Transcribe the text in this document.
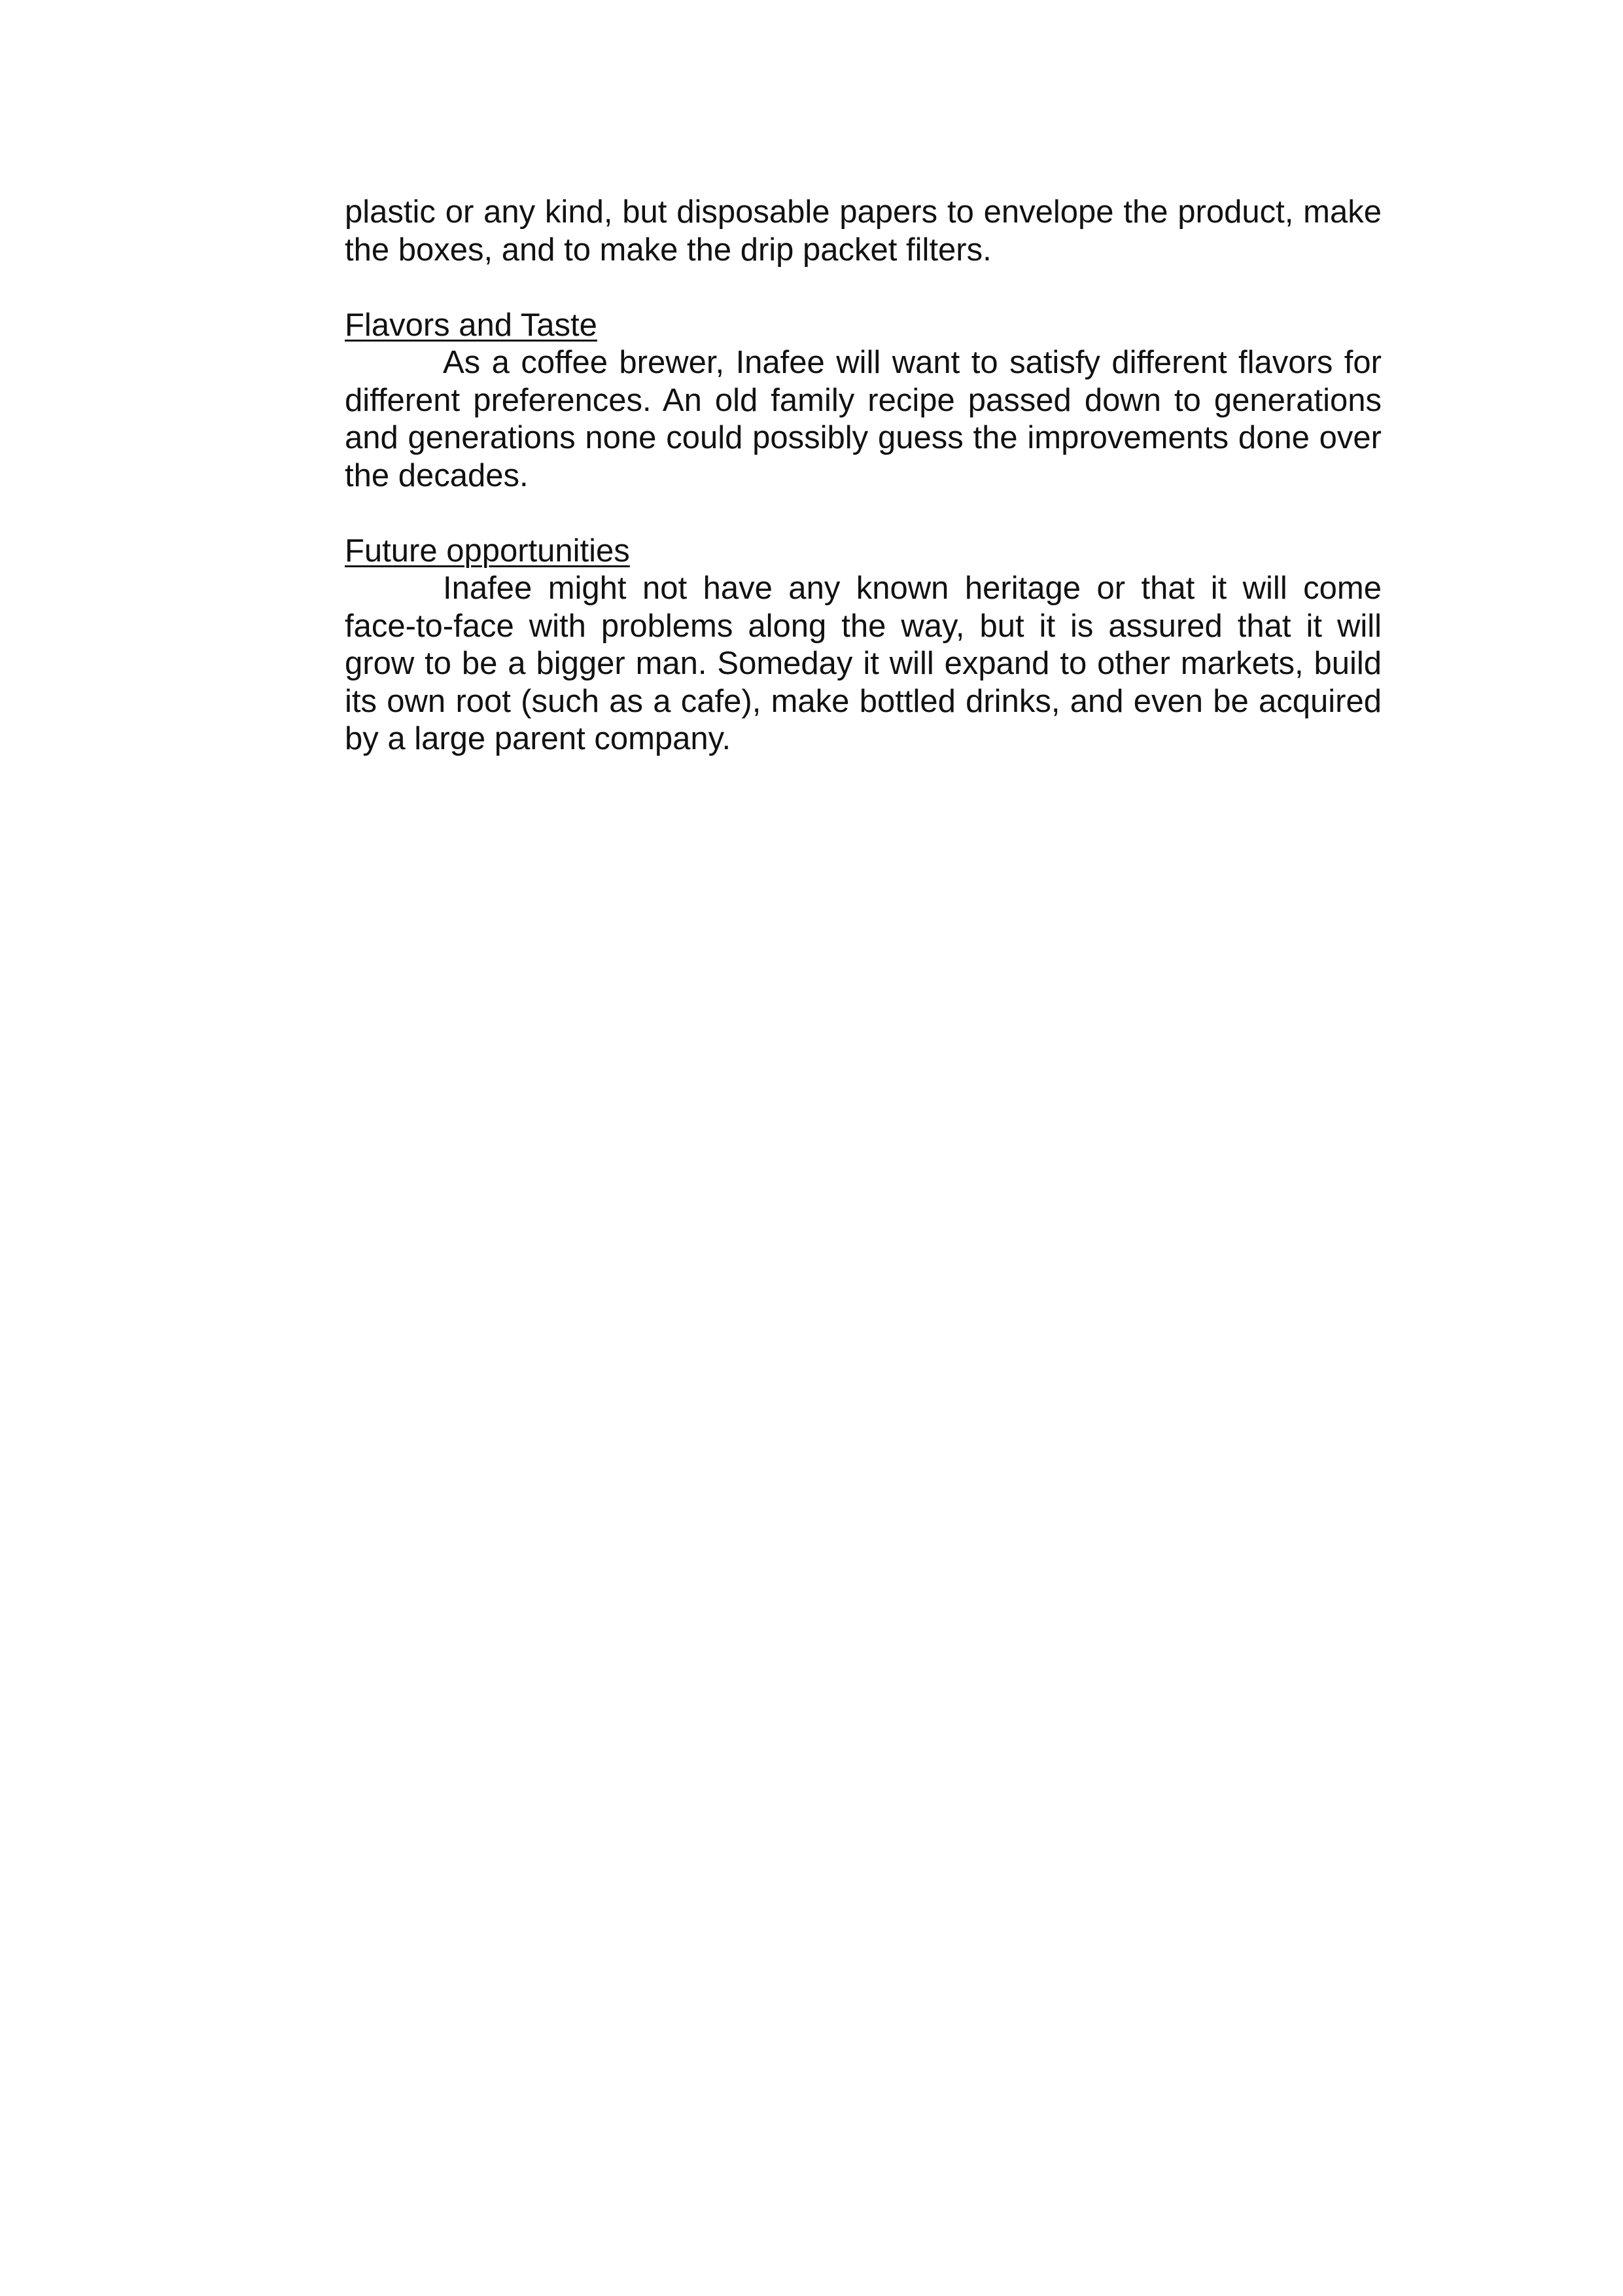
plastic or any kind, but disposable papers to envelope the product, make the boxes, and to make the drip packet filters.

Flavors and Taste

As a coffee brewer, Inafee will want to satisfy different flavors for different preferences. An old family recipe passed down to generations and generations none could possibly guess the improvements done over the decades.

Future opportunities

Inafee might not have any known heritage or that it will come face-to-face with problems along the way, but it is assured that it will grow to be a bigger man. Someday it will expand to other markets, build its own root (such as a cafe), make bottled drinks, and even be acquired by a large parent company.
